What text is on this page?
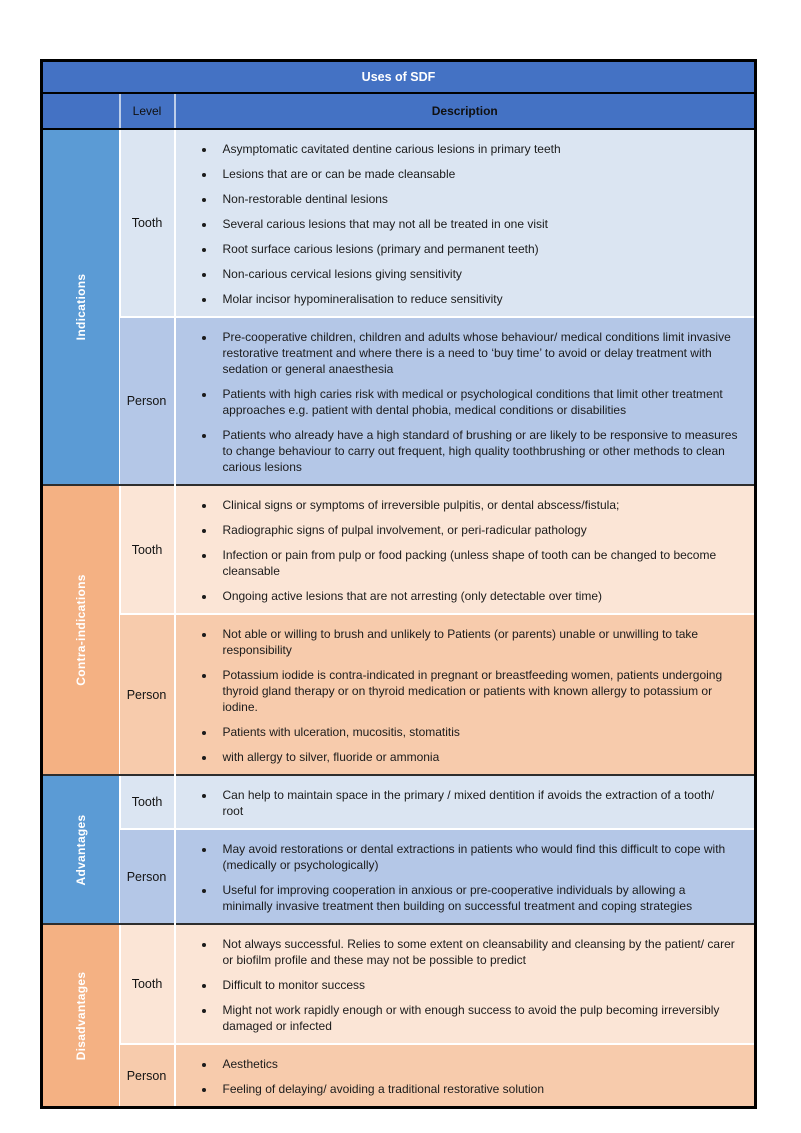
Uses of SDF		
	Level	Description

Indications
	Tooth	
• Asymptomatic cavitated dentine carious lesions in primary teeth
• Lesions that are or can be made cleansable
• Non-restorable dentinal lesions
• Several carious lesions that may not all be treated in one visit
• Root surface carious lesions (primary and permanent teeth)
• Non-carious cervical lesions giving sensitivity
• Molar incisor hypomineralisation to reduce sensitivity

Person	
• Pre-cooperative children, children and adults whose behaviour/ medical conditions limit invasive restorative treatment and where there is a need to ‘buy time’ to avoid or delay treatment with sedation or general anaesthesia
• Patients with high caries risk with medical or psychological conditions that limit other treatment approaches e.g. patient with dental phobia, medical conditions or disabilities
• Patients who already have a high standard of brushing or are likely to be responsive to measures to change behaviour to carry out frequent, high quality toothbrushing or other methods to clean carious lesions

Contra-indications
	Tooth	
• Clinical signs or symptoms of irreversible pulpitis, or dental abscess/fistula;
• Radiographic signs of pulpal involvement, or peri-radicular pathology
• Infection or pain from pulp or food packing (unless shape of tooth can be changed to become cleansable
• Ongoing active lesions that are not arresting (only detectable over time)

Person	
• Not able or willing to brush and unlikely to Patients (or parents) unable or unwilling to take responsibility
• Potassium iodide is contra-indicated in pregnant or breastfeeding women, patients undergoing thyroid gland therapy or on thyroid medication or patients with known allergy to potassium or iodine.
• Patients with ulceration, mucositis, stomatitis
• with allergy to silver, fluoride or ammonia

Advantages
	Tooth	
•Can help to maintain space in the primary / mixed dentition if avoids the extraction of a tooth/ root

Person	
• May avoid restorations or dental extractions in patients who would find this difficult to cope with (medically or psychologically)
• Useful for improving cooperation in anxious or pre-cooperative individuals by allowing a minimally invasive treatment then building on successful treatment and coping strategies

Disadvantages	Tooth	
• Not always successful. Relies to some extent on cleansability and cleansing by the patient/ carer or biofilm profile and these may not be possible to predict
• Difficult to monitor success
• Might not work rapidly enough or with enough success to avoid the pulp becoming irreversibly damaged or infected

Person	
• Aesthetics
• Feeling of delaying/ avoiding a traditional restorative solution
